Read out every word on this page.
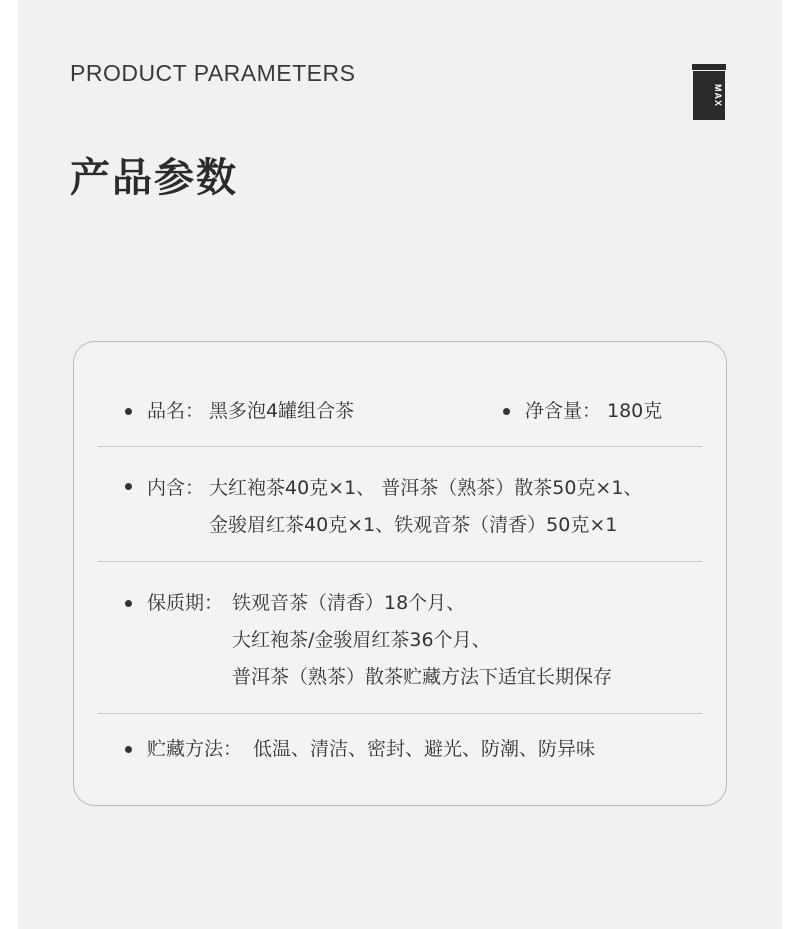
PRODUCT PARAMETERS
产品参数
MAX
品名： 黑多泡4罐组合茶	净含量： 180克
内含： 大红袍茶40克×1、 普洱茶（熟茶）散茶50克×1、
金骏眉红茶40克×1、铁观音茶（清香）50克×1
保质期： 铁观音茶（清香）18个月、
大红袍茶/金骏眉红茶36个月、
普洱茶（熟茶）散茶贮藏方法下适宜长期保存
贮藏方法： 低温、清洁、密封、避光、防潮、防异味
